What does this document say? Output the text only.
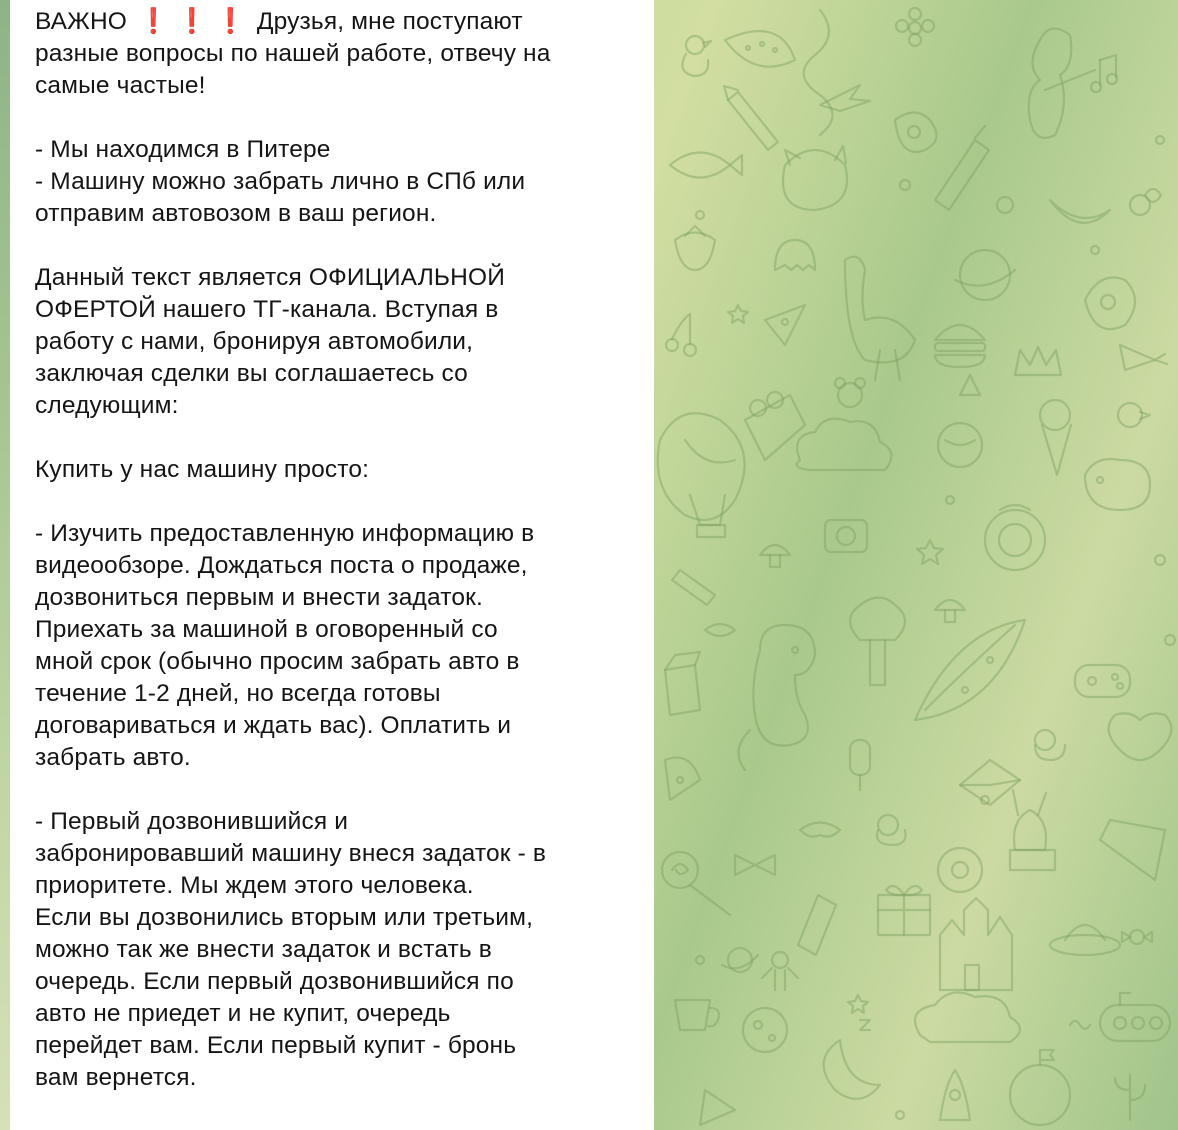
ВАЖНО ❗ ❗ ❗ Друзья, мне поступают
разные вопросы по нашей работе, отвечу на
самые частые!
- Мы находимся в Питере
- Машину можно забрать лично в СПб или
отправим автовозом в ваш регион.
Данный текст является ОФИЦИАЛЬНОЙ
ОФЕРТОЙ нашего ТГ-канала. Вступая в
работу с нами, бронируя автомобили,
заключая сделки вы соглашаетесь со
следующим:
Купить у нас машину просто:
- Изучить предоставленную информацию в
видеообзоре. Дождаться поста о продаже,
дозвониться первым и внести задаток.
Приехать за машиной в оговоренный со
мной срок (обычно просим забрать авто в
течение 1-2 дней, но всегда готовы
договариваться и ждать вас). Оплатить и
забрать авто.
- Первый дозвонившийся и
забронировавший машину внеся задаток - в
приоритете. Мы ждем этого человека.
Если вы дозвонились вторым или третьим,
можно так же внести задаток и встать в
очередь. Если первый дозвонившийся по
авто не приедет и не купит, очередь
перейдет вам. Если первый купит - бронь
вам вернется.
